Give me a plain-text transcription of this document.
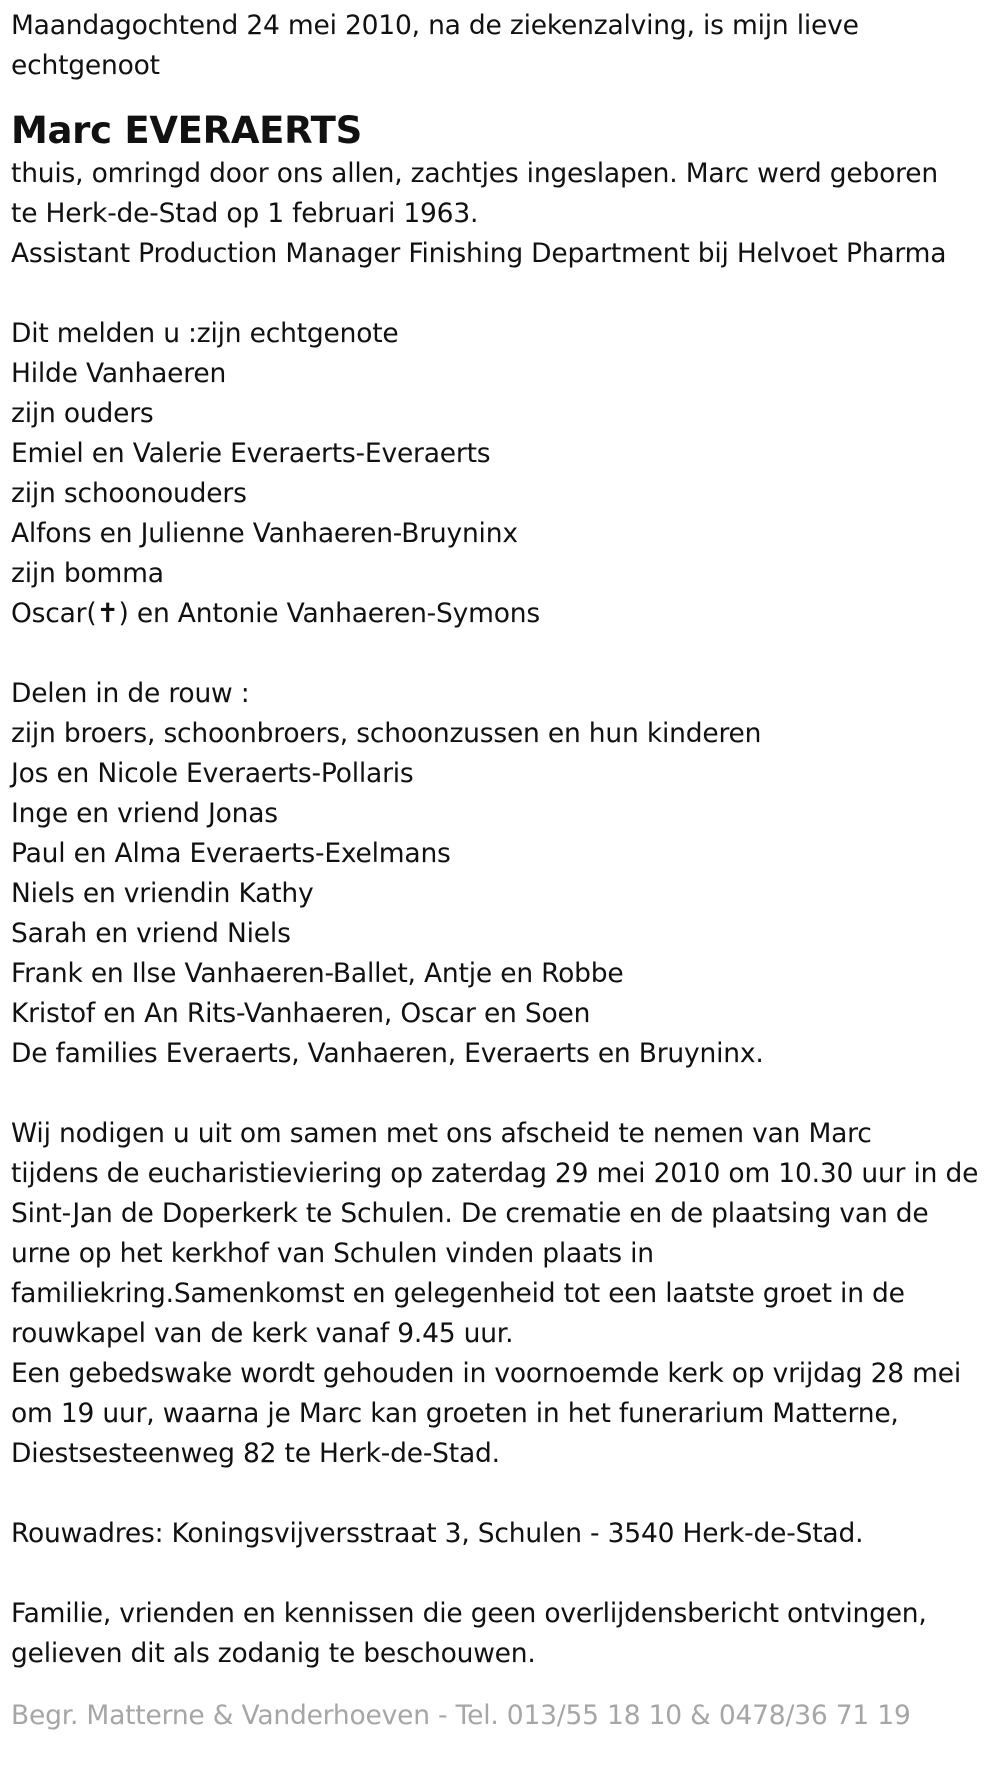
Maandagochtend 24 mei 2010, na de ziekenzalving, is mijn lieve
echtgenoot
Marc EVERAERTS
thuis, omringd door ons allen, zachtjes ingeslapen. Marc werd geboren
te Herk-de-Stad op 1 februari 1963.
Assistant Production Manager Finishing Department bij Helvoet Pharma
Dit melden u :zijn echtgenote
Hilde Vanhaeren
zijn ouders
Emiel en Valerie Everaerts-Everaerts
zijn schoonouders
Alfons en Julienne Vanhaeren-Bruyninx
zijn bomma
Oscar(✝) en Antonie Vanhaeren-Symons
Delen in de rouw :
zijn broers, schoonbroers, schoonzussen en hun kinderen
Jos en Nicole Everaerts-Pollaris
Inge en vriend Jonas
Paul en Alma Everaerts-Exelmans
Niels en vriendin Kathy
Sarah en vriend Niels
Frank en Ilse Vanhaeren-Ballet, Antje en Robbe
Kristof en An Rits-Vanhaeren, Oscar en Soen
De families Everaerts, Vanhaeren, Everaerts en Bruyninx.
Wij nodigen u uit om samen met ons afscheid te nemen van Marc
tijdens de eucharistieviering op zaterdag 29 mei 2010 om 10.30 uur in de
Sint-Jan de Doperkerk te Schulen. De crematie en de plaatsing van de
urne op het kerkhof van Schulen vinden plaats in
familiekring.Samenkomst en gelegenheid tot een laatste groet in de
rouwkapel van de kerk vanaf 9.45 uur.
Een gebedswake wordt gehouden in voornoemde kerk op vrijdag 28 mei
om 19 uur, waarna je Marc kan groeten in het funerarium Matterne,
Diestsesteenweg 82 te Herk-de-Stad.
Rouwadres: Koningsvijversstraat 3, Schulen - 3540 Herk-de-Stad.
Familie, vrienden en kennissen die geen overlijdensbericht ontvingen,
gelieven dit als zodanig te beschouwen.
Begr. Matterne & Vanderhoeven - Tel. 013/55 18 10 & 0478/36 71 19
